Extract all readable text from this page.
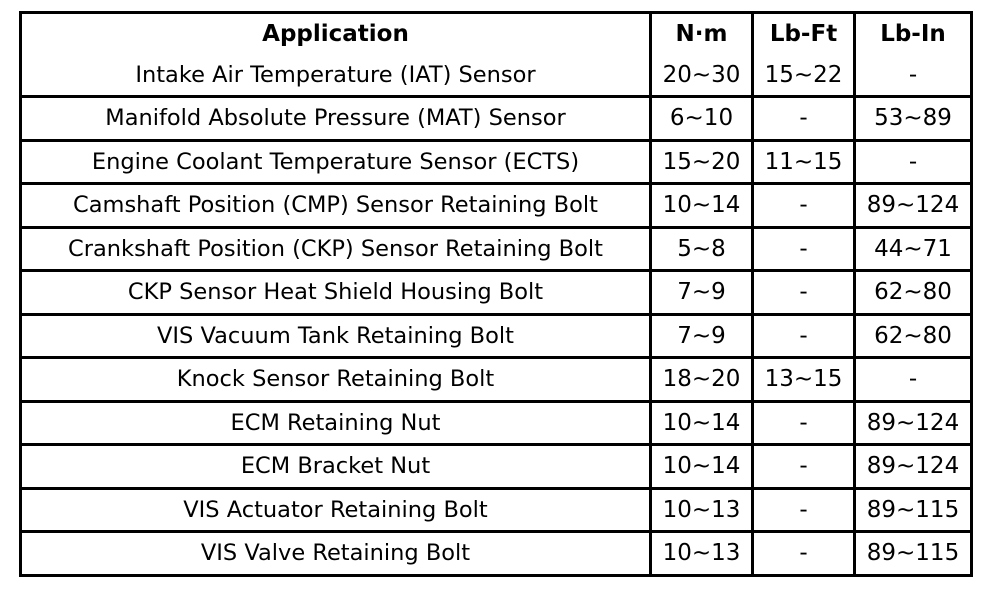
Application	N·m	Lb-Ft	Lb-In
Intake Air Temperature (IAT) Sensor	20~30	15~22	-
Manifold Absolute Pressure (MAT) Sensor	6~10	-	53~89
Engine Coolant Temperature Sensor (ECTS)	15~20	11~15	-
Camshaft Position (CMP) Sensor Retaining Bolt	10~14	-	89~124
Crankshaft Position (CKP) Sensor Retaining Bolt	5~8	-	44~71
CKP Sensor Heat Shield Housing Bolt	7~9	-	62~80
VIS Vacuum Tank Retaining Bolt	7~9	-	62~80
Knock Sensor Retaining Bolt	18~20	13~15	-
ECM Retaining Nut	10~14	-	89~124
ECM Bracket Nut	10~14	-	89~124
VIS Actuator Retaining Bolt	10~13	-	89~115
VIS Valve Retaining Bolt	10~13	-	89~115
